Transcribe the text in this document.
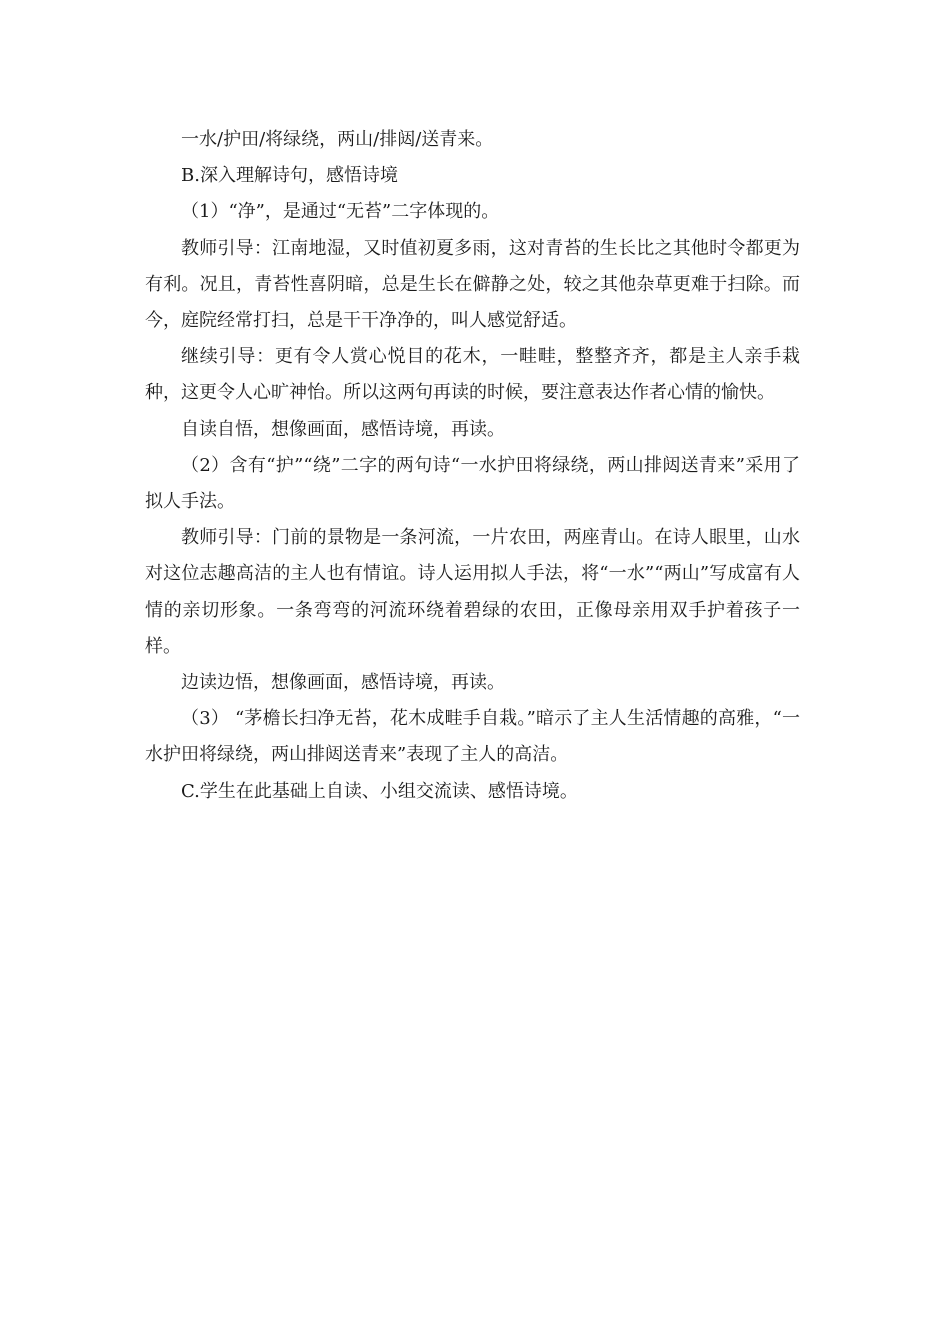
一水/护田/将绿绕，两山/排闼/送青来。

B.深入理解诗句，感悟诗境

（1）“净”，是通过“无苔”二字体现的。

教师引导：江南地湿，又时值初夏多雨，这对青苔的生长比之其他时令都更为有利。况且，青苔性喜阴暗，总是生长在僻静之处，较之其他杂草更难于扫除。而今，庭院经常打扫，总是干干净净的，叫人感觉舒适。

继续引导：更有令人赏心悦目的花木，一畦畦，整整齐齐，都是主人亲手栽种，这更令人心旷神怡。所以这两句再读的时候，要注意表达作者心情的愉快。

自读自悟，想像画面，感悟诗境，再读。

（2）含有“护”“绕”二字的两句诗“一水护田将绿绕，两山排闼送青来”采用了拟人手法。

教师引导：门前的景物是一条河流，一片农田，两座青山。在诗人眼里，山水对这位志趣高洁的主人也有情谊。诗人运用拟人手法，将“一水”“两山”写成富有人情的亲切形象。一条弯弯的河流环绕着碧绿的农田，正像母亲用双手护着孩子一样。

边读边悟，想像画面，感悟诗境，再读。

（3） “茅檐长扫净无苔，花木成畦手自栽。”暗示了主人生活情趣的高雅，“一水护田将绿绕，两山排闼送青来”表现了主人的高洁。

C.学生在此基础上自读、小组交流读、感悟诗境。
